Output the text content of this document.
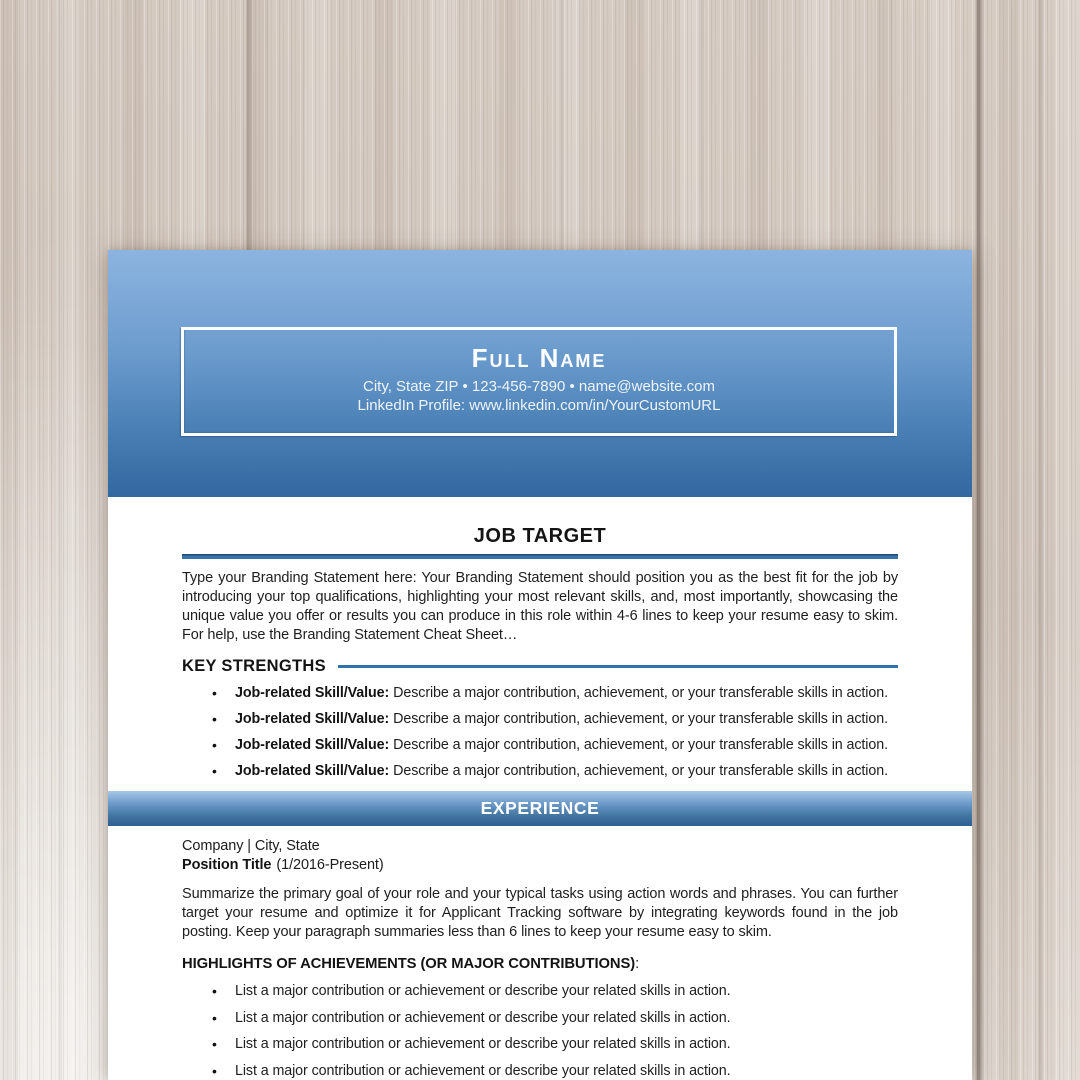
Full Name

City, State ZIP • 123-456-7890 • name@website.com

LinkedIn Profile: www.linkedin.com/in/YourCustomURL

JOB TARGET

Type your Branding Statement here: Your Branding Statement should position you as the best fit for the job by introducing your top qualifications, highlighting your most relevant skills, and, most importantly, showcasing the unique value you offer or results you can produce in this role within 4-6 lines to keep your resume easy to skim. For help, use the Branding Statement Cheat Sheet…

KEY STRENGTHS
• Job-related Skill/Value: Describe a major contribution, achievement, or your transferable skills in action.
• Job-related Skill/Value: Describe a major contribution, achievement, or your transferable skills in action.
• Job-related Skill/Value: Describe a major contribution, achievement, or your transferable skills in action.
• Job-related Skill/Value: Describe a major contribution, achievement, or your transferable skills in action.
EXPERIENCE

Company | City, State

Position Title (1/2016-Present)

Summarize the primary goal of your role and your typical tasks using action words and phrases. You can further target your resume and optimize it for Applicant Tracking software by integrating keywords found in the job posting. Keep your paragraph summaries less than 6 lines to keep your resume easy to skim.

HIGHLIGHTS OF ACHIEVEMENTS (OR MAJOR CONTRIBUTIONS):

• List a major contribution or achievement or describe your related skills in action.
• List a major contribution or achievement or describe your related skills in action.
• List a major contribution or achievement or describe your related skills in action.
• List a major contribution or achievement or describe your related skills in action.
